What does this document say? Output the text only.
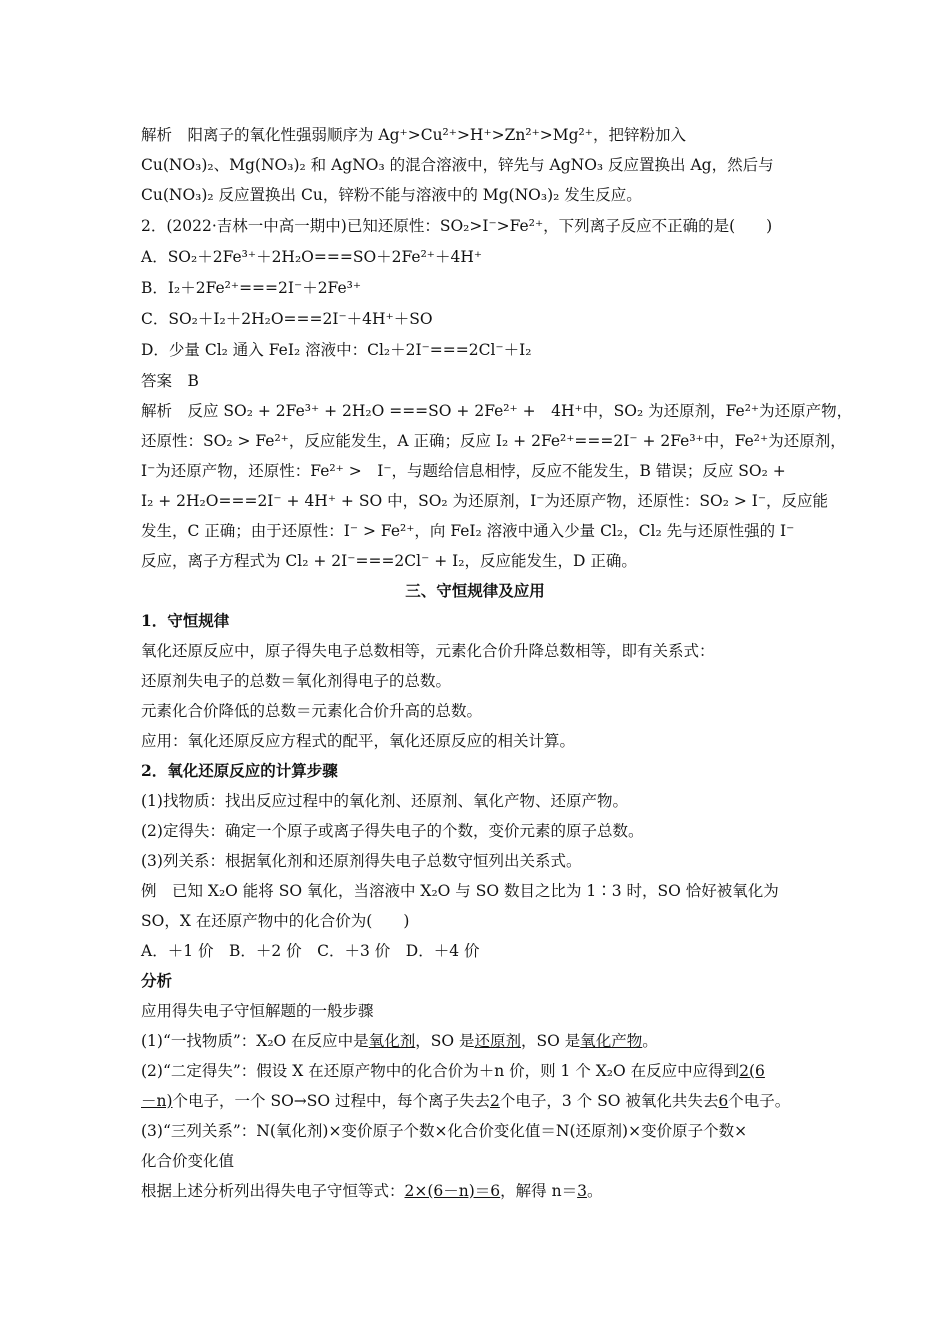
解析　阳离子的氧化性强弱顺序为 Ag⁺>Cu²⁺>H⁺>Zn²⁺>Mg²⁺，把锌粉加入
Cu(NO₃)₂、Mg(NO₃)₂ 和 AgNO₃ 的混合溶液中，锌先与 AgNO₃ 反应置换出 Ag，然后与
Cu(NO₃)₂ 反应置换出 Cu，锌粉不能与溶液中的 Mg(NO₃)₂ 发生反应。
2．(2022·吉林一中高一期中)已知还原性：SO₂>I⁻>Fe²⁺，下列离子反应不正确的是(　　)
A．SO₂＋2Fe³⁺＋2H₂O===SO＋2Fe²⁺＋4H⁺
B．I₂＋2Fe²⁺===2I⁻＋2Fe³⁺
C．SO₂＋I₂＋2H₂O===2I⁻＋4H⁺＋SO
D．少量 Cl₂ 通入 FeI₂ 溶液中：Cl₂＋2I⁻===2Cl⁻＋I₂
答案　B
解析　反应 SO₂ + 2Fe³⁺ + 2H₂O ===SO + 2Fe²⁺ +　4H⁺中，SO₂ 为还原剂，Fe²⁺为还原产物，
还原性：SO₂ > Fe²⁺，反应能发生，A 正确；反应 I₂ + 2Fe²⁺===2I⁻ + 2Fe³⁺中，Fe²⁺为还原剂，
I⁻为还原产物，还原性：Fe²⁺ >　I⁻，与题给信息相悖，反应不能发生，B 错误；反应 SO₂ +
I₂ + 2H₂O===2I⁻ + 4H⁺ + SO 中，SO₂ 为还原剂，I⁻为还原产物，还原性：SO₂ > I⁻，反应能
发生，C 正确；由于还原性：I⁻ > Fe²⁺，向 FeI₂ 溶液中通入少量 Cl₂，Cl₂ 先与还原性强的 I⁻
反应，离子方程式为 Cl₂ + 2I⁻===2Cl⁻ + I₂，反应能发生，D 正确。
三、守恒规律及应用
1．守恒规律
氧化还原反应中，原子得失电子总数相等，元素化合价升降总数相等，即有关系式：
还原剂失电子的总数＝氧化剂得电子的总数。
元素化合价降低的总数＝元素化合价升高的总数。
应用：氧化还原反应方程式的配平，氧化还原反应的相关计算。
2．氧化还原反应的计算步骤
(1)找物质：找出反应过程中的氧化剂、还原剂、氧化产物、还原产物。
(2)定得失：确定一个原子或离子得失电子的个数，变价元素的原子总数。
(3)列关系：根据氧化剂和还原剂得失电子总数守恒列出关系式。
例　已知 X₂O 能将 SO 氧化，当溶液中 X₂O 与 SO 数目之比为 1∶3 时，SO 恰好被氧化为
SO，X 在还原产物中的化合价为(　　)
A．＋1 价　B．＋2 价　C．＋3 价　D．＋4 价
分析
应用得失电子守恒解题的一般步骤
(1)“一找物质”：X₂O 在反应中是氧化剂，SO 是还原剂，SO 是氧化产物。
(2)“二定得失”：假设 X 在还原产物中的化合价为＋n 价，则 1 个 X₂O 在反应中应得到2(6
－n)个电子，一个 SO→SO 过程中，每个离子失去2个电子，3 个 SO 被氧化共失去6个电子。
(3)“三列关系”：N(氧化剂)×变价原子个数×化合价变化值＝N(还原剂)×变价原子个数×
化合价变化值
根据上述分析列出得失电子守恒等式：2×(6－n)＝6，解得 n＝3。
